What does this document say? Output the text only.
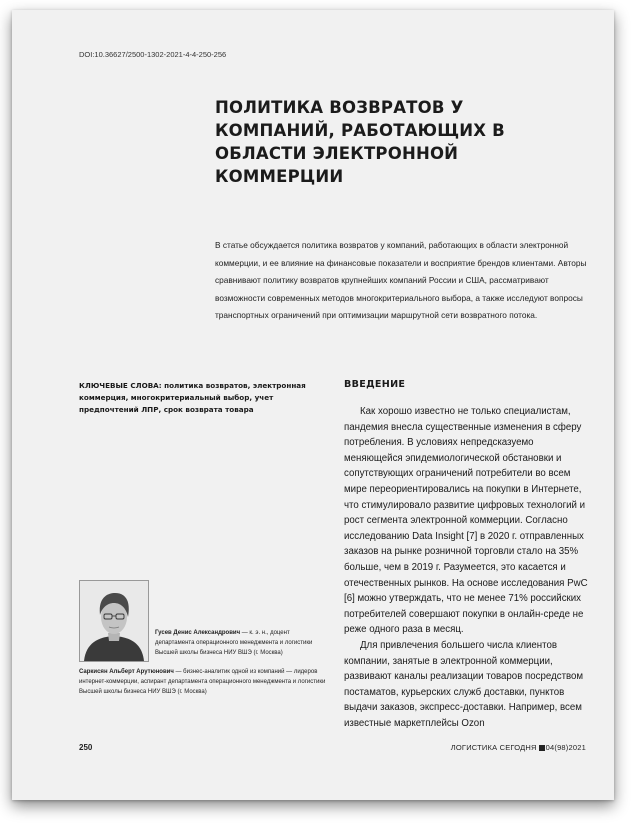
DOI:10.36627/2500-1302-2021-4-4-250-256
ПОЛИТИКА ВОЗВРАТОВ У КОМПАНИЙ, РАБОТАЮЩИХ В ОБЛАСТИ ЭЛЕКТРОННОЙ КОММЕРЦИИ
В статье обсуждается политика возвратов у компаний, работающих в области электронной коммерции, и ее влияние на финансовые показатели и восприятие брендов клиентами. Авторы сравнивают политику возвратов крупнейших компаний России и США, рассматривают возможности современных методов многокритериального выбора, а также исследуют вопросы транспортных ограничений при оптимизации маршрутной сети возвратного потока.
КЛЮЧЕВЫЕ СЛОВА: политика возвратов, электронная коммерция, многокритериальный выбор, учет предпочтений ЛПР, срок возврата товара
Гусев Денис Александрович — к. э. н., доцент департамента операционного менеджмента и логистики Высшей школы бизнеса НИУ ВШЭ (г. Москва)
Саркисян Альберт Арутюнович — бизнес-аналитик одной из компаний — лидеров интернет-коммерции, аспирант департамента операционного менеджмента и логистики Высшей школы бизнеса НИУ ВШЭ (г. Москва)
ВВЕДЕНИЕ

Как хорошо известно не только специалистам, пандемия внесла существенные изменения в сферу потребления. В условиях непредсказуемо меняющейся эпидемиологической обстановки и сопутствующих ограничений потребители во всем мире переориентировались на покупки в Интернете, что стимулировало развитие цифровых технологий и рост сегмента электронной коммерции. Согласно исследованию Data Insight [7] в 2020 г. отправленных заказов на рынке розничной торговли стало на 35% больше, чем в 2019 г. Разумеется, это касается и отечественных рынков. На основе исследования PwC [6] можно утверждать, что не менее 71% российских потребителей совершают покупки в онлайн-среде не реже одного раза в месяц.

Для привлечения большего числа клиентов компании, занятые в электронной коммерции, развивают каналы реализации товаров посредством постаматов, курьерских служб доставки, пунктов выдачи заказов, экспресс-доставки. Например, всем известные маркетплейсы Ozon

250	ЛОГИСТИКА СЕГОДНЯ 04(98)2021
